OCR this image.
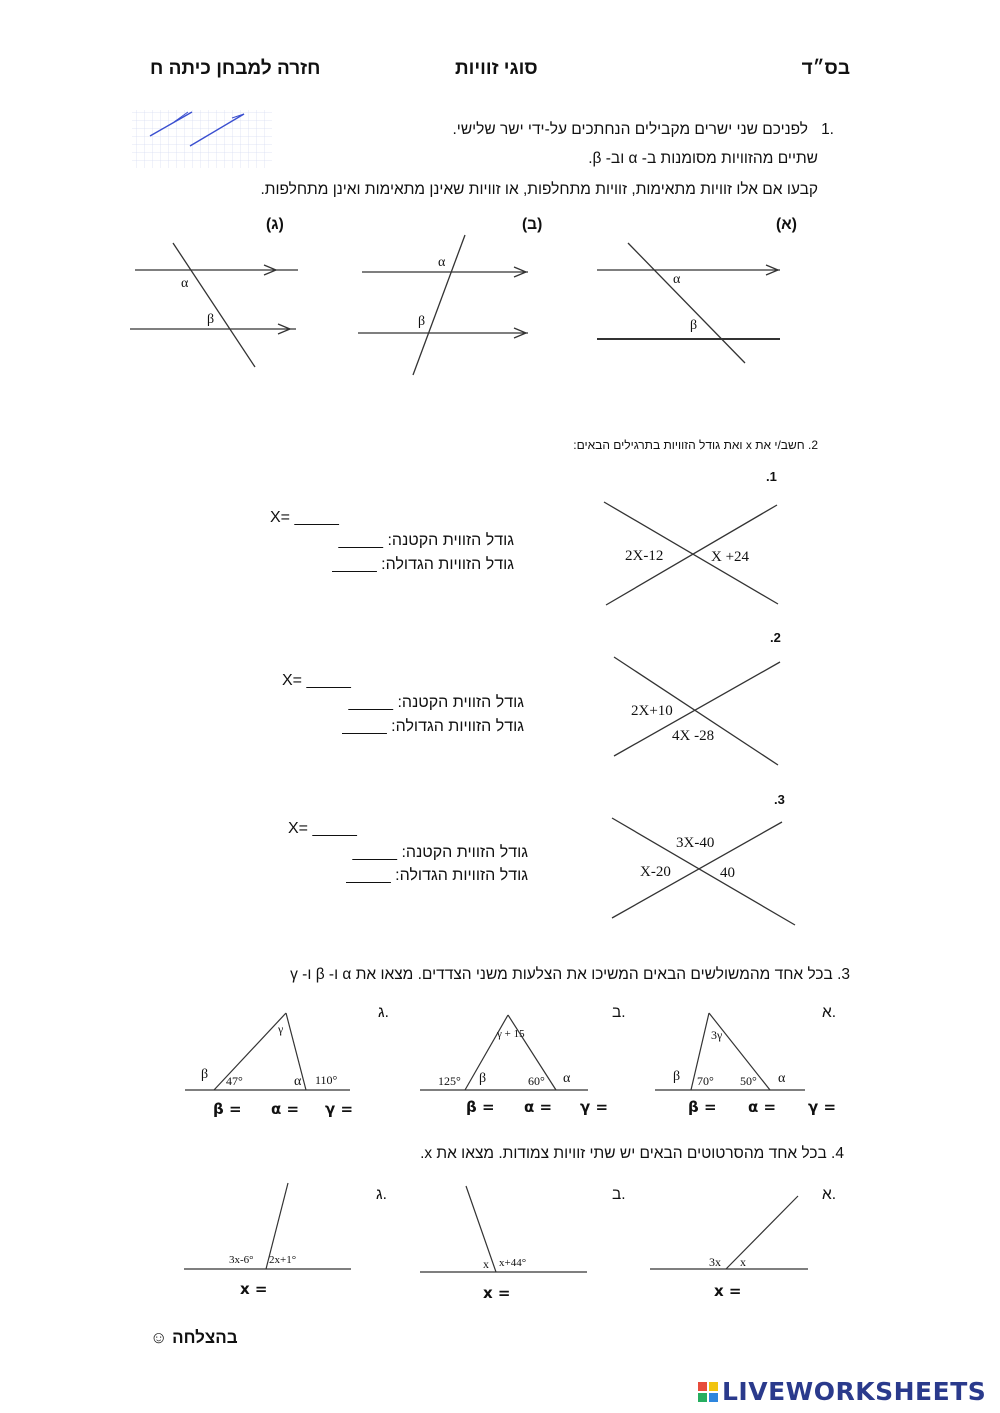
בס״ד
סוגי זוויות
חזרה למבחן כיתה ח
1.
לפניכם שני ישרים מקבילים הנחתכים על-ידי ישר שלישי.
שתיים מהזוויות מסומנות ב- α וב- β.
קבעו אם אלו זוויות מתאימות, זוויות מתחלפות, או זוויות שאינן מתאימות ואינן מתחלפות.
(א)
(ב)
(ג)
α
β
α
β
α
β
2. חשב/י את x ואת גודל הזוויות בתרגילים הבאים:
.1
2X-12	X +24
X= _____
גודל הזווית הקטנה: _____
גודל הזוויות הגדולה: _____
.2
2X+10
4X -28
X= _____
גודל הזווית הקטנה: _____
גודל הזוויות הגדולה: _____
.3
3X-40
X-20	40
X= _____
גודל הזווית הקטנה: _____
גודל הזוויות הגדולה: _____
3. בכל אחד מהמשולשים הבאים המשיכו את הצלעות משני הצדדים. מצאו את α ו- β ו- γ
א.
ב.
ג.
3γ
β 70° 50° α
γ + 15
125° β	60° α
γ
β 47°	α 110°
β = α = γ =
β = α = γ =
β = α = γ =
4. בכל אחד מהסרטוטים הבאים יש שתי זוויות צמודות. מצאו את x.
א.
ב.
ג.
3x x
x x+44°
3x-6° 2x+1°
x =
x =
x =
בהצלחה ☺
LIVEWORKSHEETS
